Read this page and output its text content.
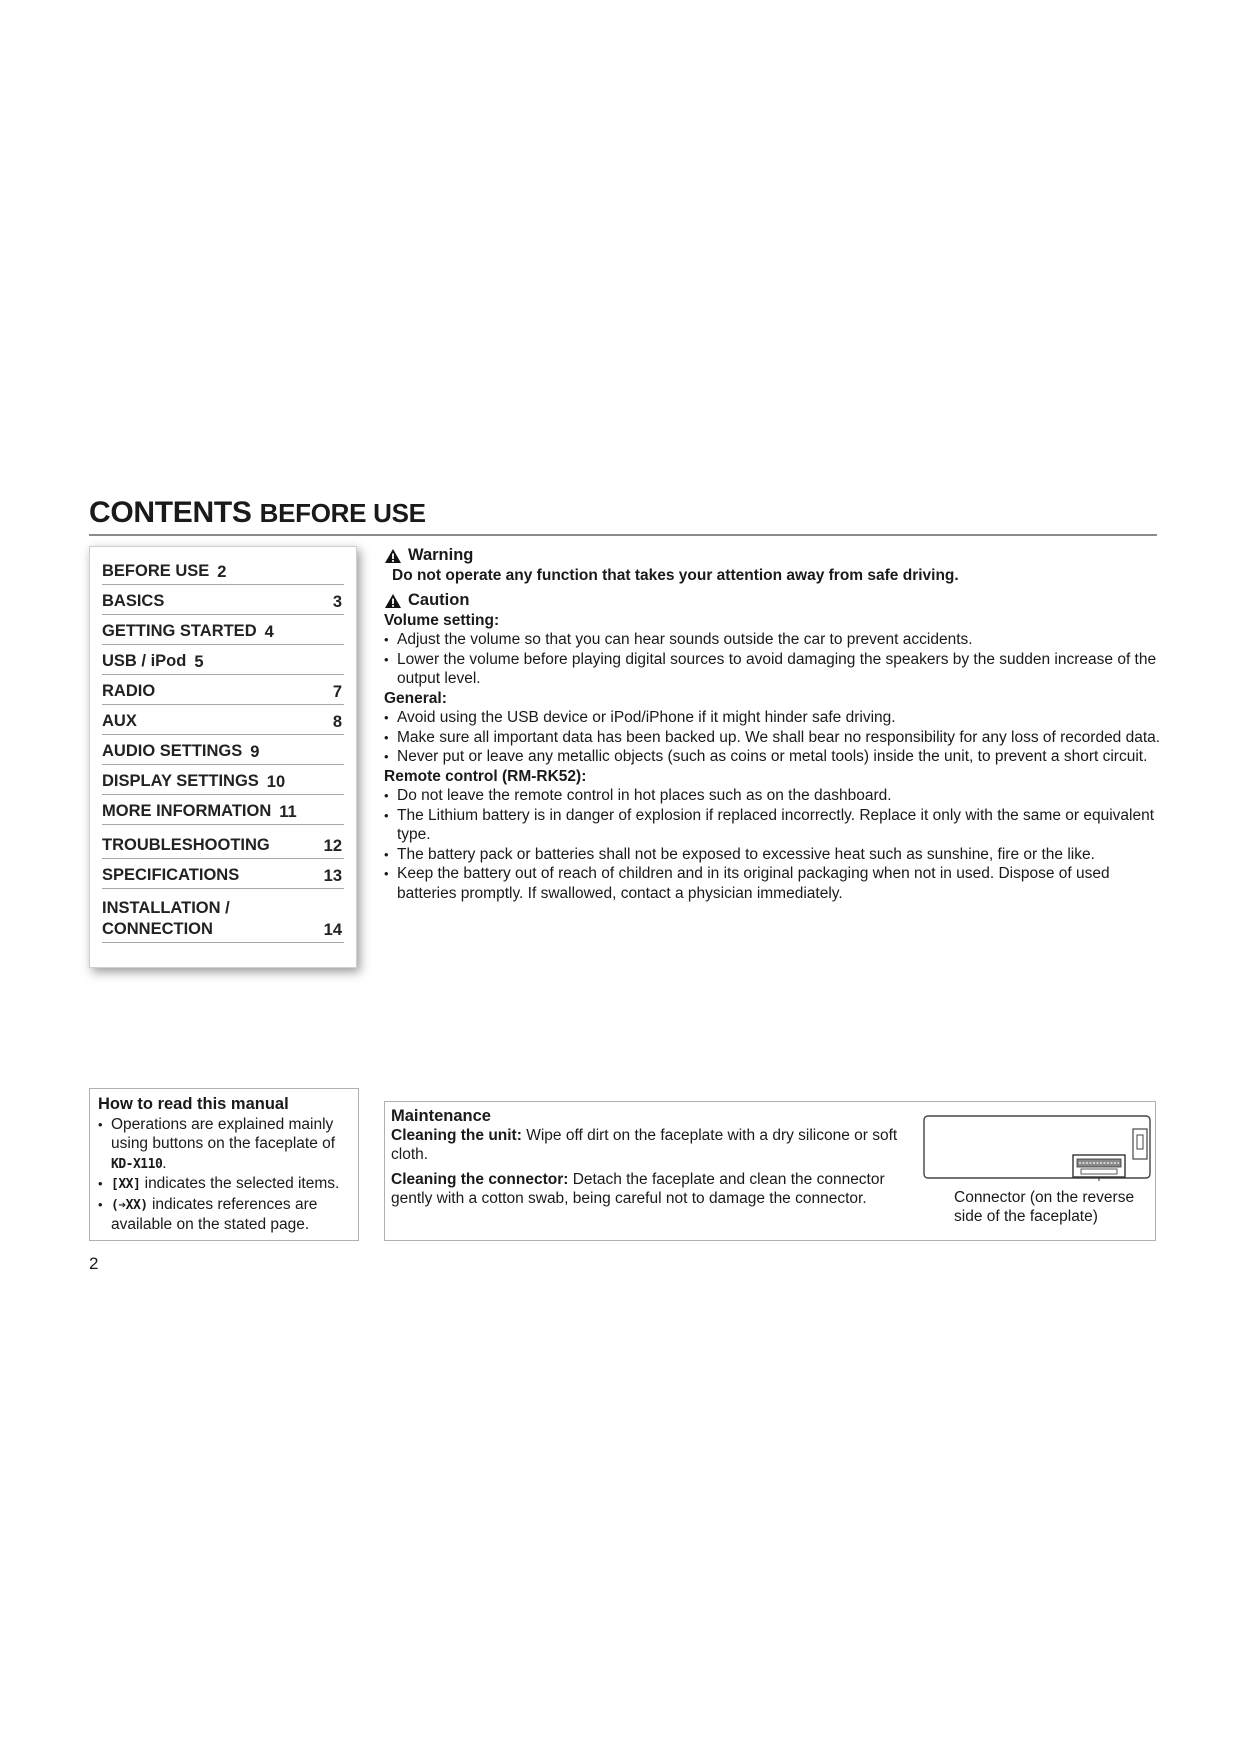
CONTENTS BEFORE USE
BEFORE USE 2
BASICS	3
GETTING STARTED 4
USB / iPod 5
RADIO	7
AUX	8
AUDIO SETTINGS 9
DISPLAY SETTINGS 10
MORE INFORMATION 11
TROUBLESHOOTING	12
SPECIFICATIONS	13
INSTALLATION /
CONNECTION	14
Warning
Do not operate any function that takes your attention away from safe driving.
Caution
Volume setting:
• Adjust the volume so that you can hear sounds outside the car to prevent accidents.
• Lower the volume before playing digital sources to avoid damaging the speakers by the sudden increase of the output level.
General:
• Avoid using the USB device or iPod/iPhone if it might hinder safe driving.
• Make sure all important data has been backed up. We shall bear no responsibility for any loss of recorded data.
• Never put or leave any metallic objects (such as coins or metal tools) inside the unit, to prevent a short circuit.
Remote control (RM-RK52):
• Do not leave the remote control in hot places such as on the dashboard.
• The Lithium battery is in danger of explosion if replaced incorrectly. Replace it only with the same or equivalent type.
• The battery pack or batteries shall not be exposed to excessive heat such as sunshine, fire or the like.
• Keep the battery out of reach of children and in its original packaging when not in used. Dispose of used batteries promptly. If swallowed, contact a physician immediately.
How to read this manual
• Operations are explained mainly using buttons on the faceplate of KD-X110.
• [XX] indicates the selected items.
• (➔XX) indicates references are available on the stated page.
Maintenance
Cleaning the unit: Wipe off dirt on the faceplate with a dry silicone or soft cloth.
Cleaning the connector: Detach the faceplate and clean the connector gently with a cotton swab, being careful not to damage the connector.	Connector (on the reverse side of the faceplate)
2
